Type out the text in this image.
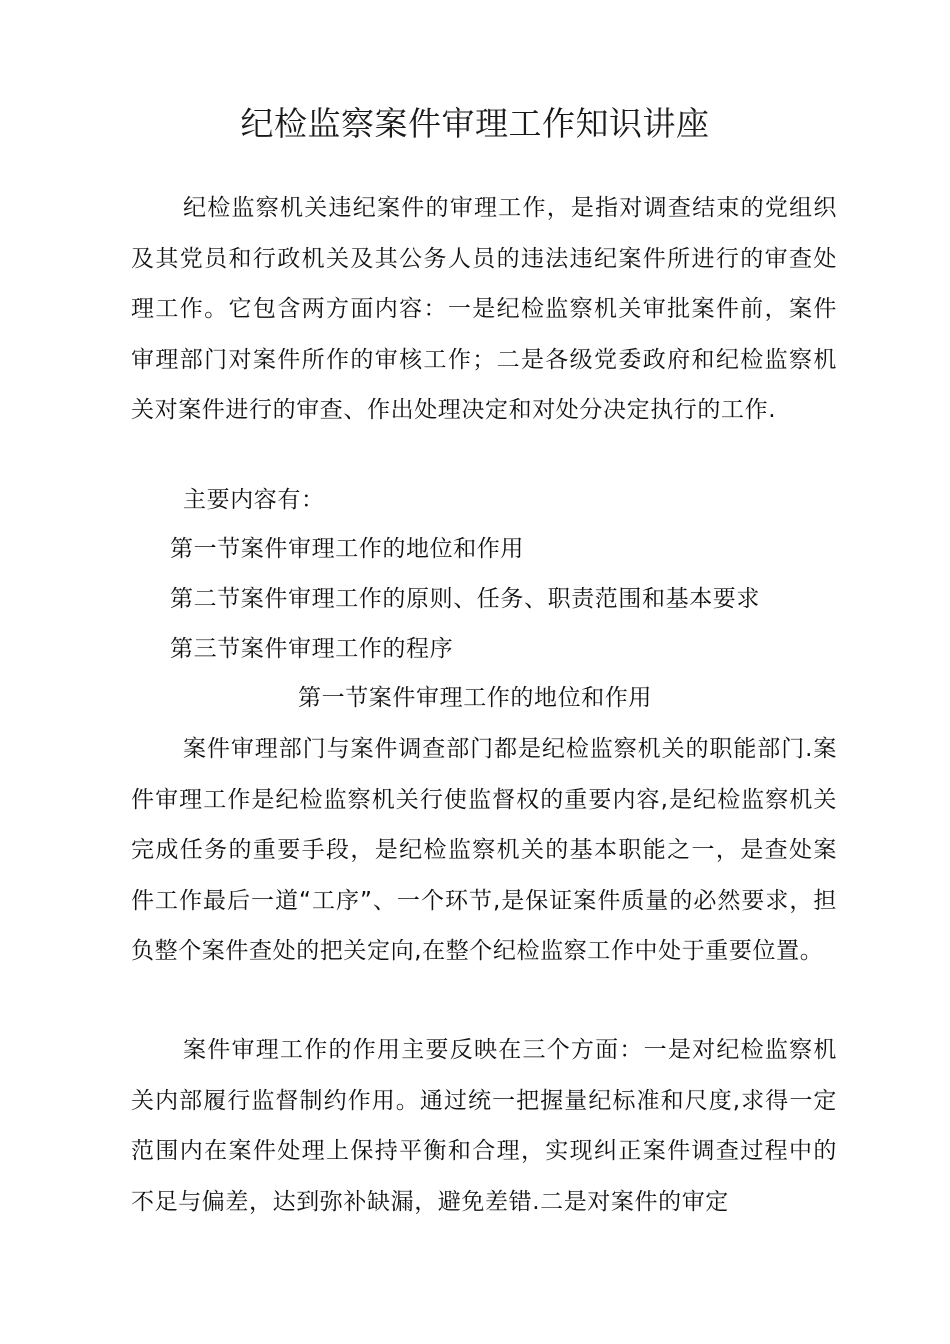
纪检监察案件审理工作知识讲座

纪检监察机关违纪案件的审理工作，是指对调查结束的党组织及其党员和行政机关及其公务人员的违法违纪案件所进行的审查处理工作。它包含两方面内容：一是纪检监察机关审批案件前，案件审理部门对案件所作的审核工作；二是各级党委政府和纪检监察机关对案件进行的审查、作出处理决定和对处分决定执行的工作.

主要内容有：

第一节案件审理工作的地位和作用
第二节案件审理工作的原则、任务、职责范围和基本要求
第三节案件审理工作的程序
第一节案件审理工作的地位和作用

案件审理部门与案件调查部门都是纪检监察机关的职能部门.案件审理工作是纪检监察机关行使监督权的重要内容,是纪检监察机关完成任务的重要手段，是纪检监察机关的基本职能之一，是查处案件工作最后一道“工序”、一个环节,是保证案件质量的必然要求，担负整个案件查处的把关定向,在整个纪检监察工作中处于重要位置。

案件审理工作的作用主要反映在三个方面：一是对纪检监察机关内部履行监督制约作用。通过统一把握量纪标准和尺度,求得一定范围内在案件处理上保持平衡和合理，实现纠正案件调查过程中的不足与偏差，达到弥补缺漏，避免差错.二是对案件的审定
